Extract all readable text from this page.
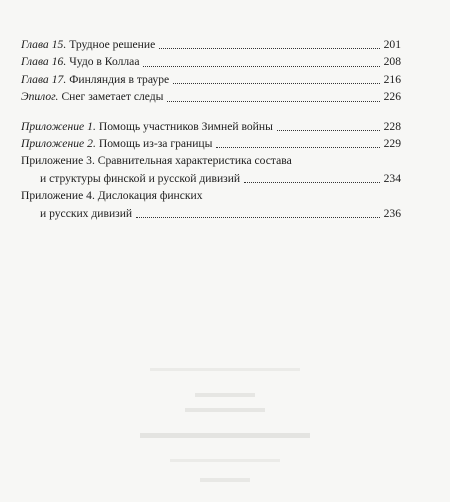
Глава 15. Трудное решение	201
Глава 16. Чудо в Коллаа	208
Глава 17. Финляндия в трауре	216
Эпилог. Снег заметает следы	226
Приложение 1. Помощь участников Зимней войны	228
Приложение 2. Помощь из-за границы	229
Приложение 3. Сравнительная характеристика состава
и структуры финской и русской дивизий	234
Приложение 4. Дислокация финских
и русских дивизий	236
